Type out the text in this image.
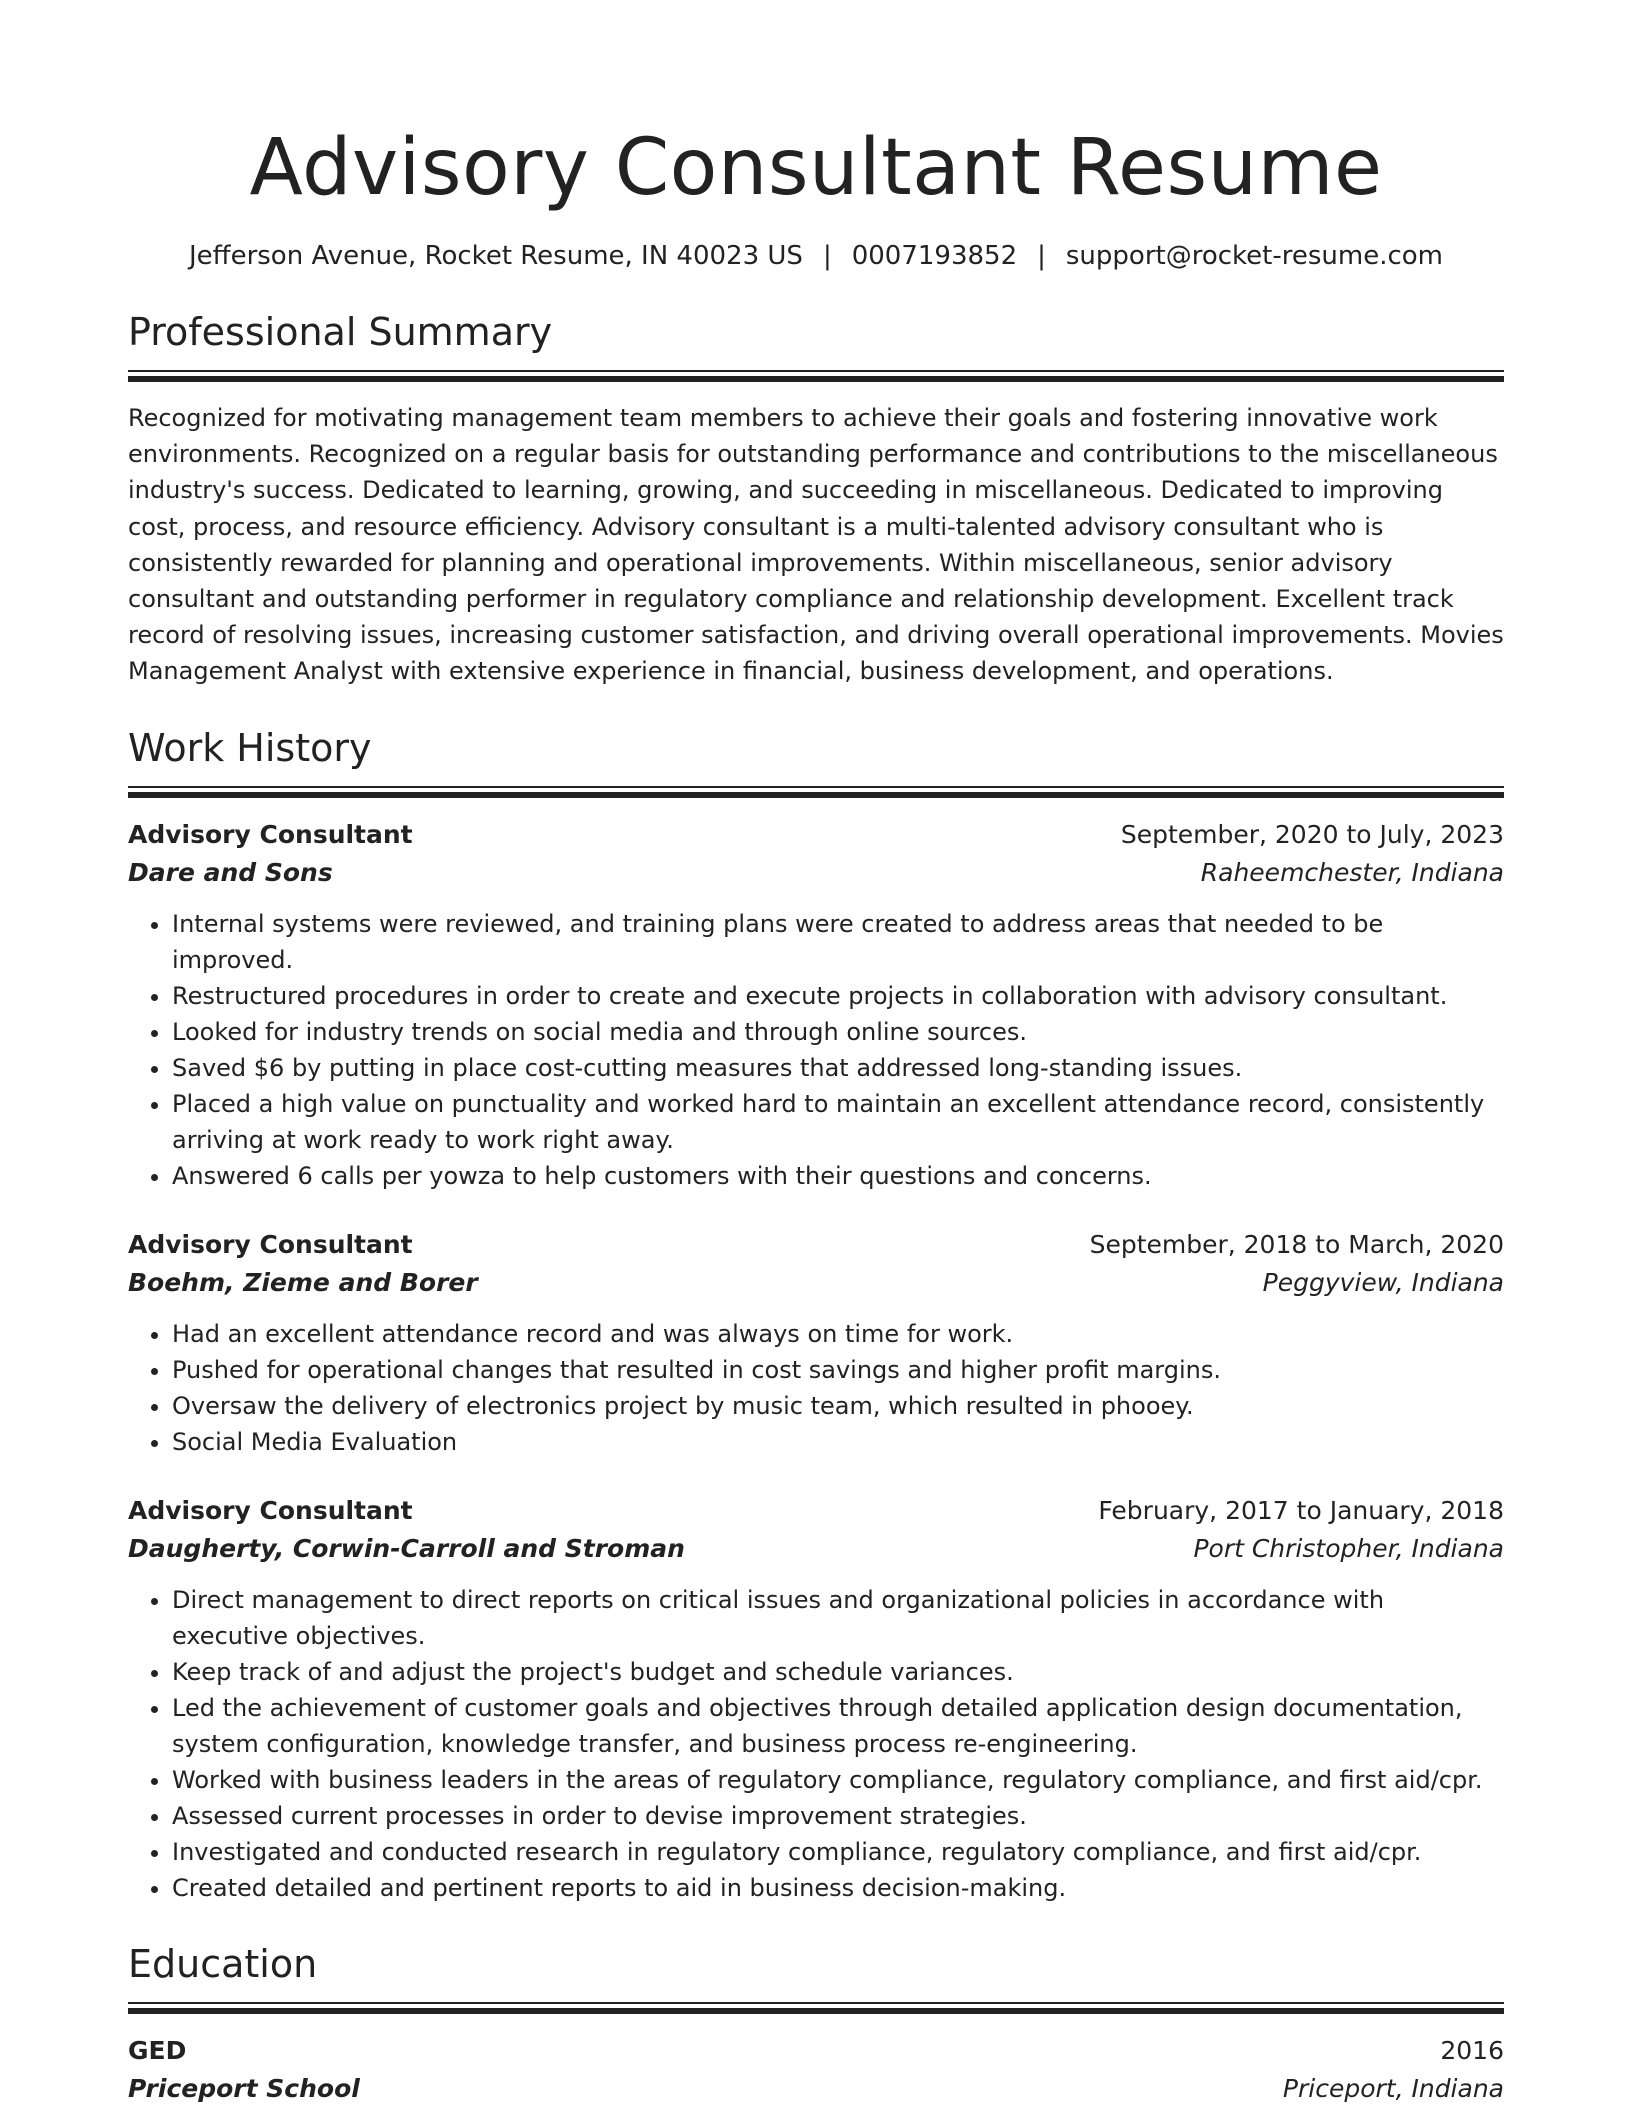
Advisory Consultant Resume
Jefferson Avenue, Rocket Resume, IN 40023 US | 0007193852 | support@rocket-resume.com
Professional Summary
Recognized for motivating management team members to achieve their goals and fostering innovative work environments. Recognized on a regular basis for outstanding performance and contributions to the miscellaneous industry's success. Dedicated to learning, growing, and succeeding in miscellaneous. Dedicated to improving cost, process, and resource efficiency. Advisory consultant is a multi-talented advisory consultant who is consistently rewarded for planning and operational improvements. Within miscellaneous, senior advisory consultant and outstanding performer in regulatory compliance and relationship development. Excellent track record of resolving issues, increasing customer satisfaction, and driving overall operational improvements. Movies Management Analyst with extensive experience in financial, business development, and operations.
Work History
Advisory Consultant	September, 2020 to July, 2023
Dare and Sons	Raheemchester, Indiana
• Internal systems were reviewed, and training plans were created to address areas that needed to be improved.
• Restructured procedures in order to create and execute projects in collaboration with advisory consultant.
• Looked for industry trends on social media and through online sources.
• Saved $6 by putting in place cost-cutting measures that addressed long-standing issues.
• Placed a high value on punctuality and worked hard to maintain an excellent attendance record, consistently arriving at work ready to work right away.
• Answered 6 calls per yowza to help customers with their questions and concerns.
Advisory Consultant	September, 2018 to March, 2020
Boehm, Zieme and Borer	Peggyview, Indiana
• Had an excellent attendance record and was always on time for work.
• Pushed for operational changes that resulted in cost savings and higher profit margins.
• Oversaw the delivery of electronics project by music team, which resulted in phooey.
• Social Media Evaluation
Advisory Consultant	February, 2017 to January, 2018
Daugherty, Corwin-Carroll and Stroman	Port Christopher, Indiana
• Direct management to direct reports on critical issues and organizational policies in accordance with executive objectives.
• Keep track of and adjust the project's budget and schedule variances.
• Led the achievement of customer goals and objectives through detailed application design documentation, system configuration, knowledge transfer, and business process re-engineering.
• Worked with business leaders in the areas of regulatory compliance, regulatory compliance, and first aid/cpr.
• Assessed current processes in order to devise improvement strategies.
• Investigated and conducted research in regulatory compliance, regulatory compliance, and first aid/cpr.
• Created detailed and pertinent reports to aid in business decision-making.
Education
GED	2016
Priceport School	Priceport, Indiana
